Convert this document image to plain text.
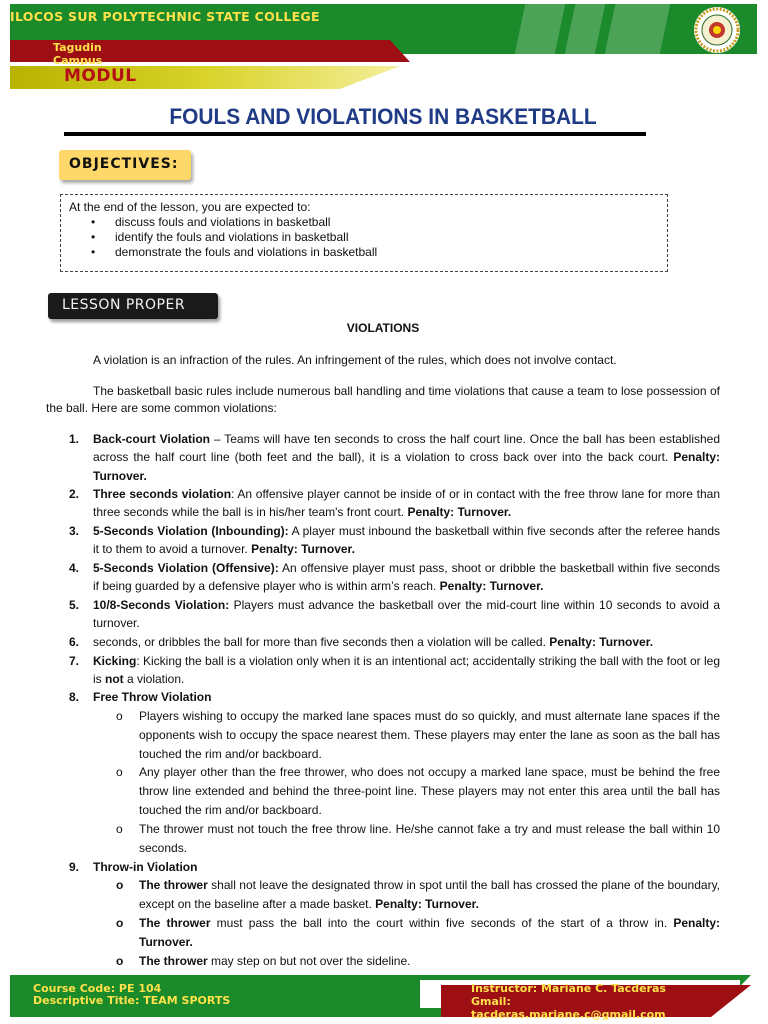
ILOCOS SUR POLYTECHNIC STATE COLLEGE
Tagudin Campus
MODUL
FOULS AND VIOLATIONS IN BASKETBALL
OBJECTIVES:
At the end of the lesson, you are expected to:
• discuss fouls and violations in basketball
• identify the fouls and violations in basketball
• demonstrate the fouls and violations in basketball
LESSON PROPER
VIOLATIONS
A violation is an infraction of the rules. An infringement of the rules, which does not involve contact.
The basketball basic rules include numerous ball handling and time violations that cause a team to lose possession of the ball. Here are some common violations:
1. Back-court Violation – Teams will have ten seconds to cross the half court line. Once the ball has been established across the half court line (both feet and the ball), it is a violation to cross back over into the back court. Penalty: Turnover.
2. Three seconds violation: An offensive player cannot be inside of or in contact with the free throw lane for more than three seconds while the ball is in his/her team's front court. Penalty: Turnover.
3. 5-Seconds Violation (Inbounding): A player must inbound the basketball within five seconds after the referee hands it to them to avoid a turnover. Penalty: Turnover.
4. 5-Seconds Violation (Offensive): An offensive player must pass, shoot or dribble the basketball within five seconds if being guarded by a defensive player who is within arm’s reach. Penalty: Turnover.
5. 10/8-Seconds Violation: Players must advance the basketball over the mid-court line within 10 seconds to avoid a turnover.
6. seconds, or dribbles the ball for more than five seconds then a violation will be called. Penalty: Turnover.
7. Kicking: Kicking the ball is a violation only when it is an intentional act; accidentally striking the ball with the foot or leg is not a violation.
8. Free Throw Violation
o Players wishing to occupy the marked lane spaces must do so quickly, and must alternate lane spaces if the opponents wish to occupy the space nearest them. These players may enter the lane as soon as the ball has touched the rim and/or backboard.
o Any player other than the free thrower, who does not occupy a marked lane space, must be behind the free throw line extended and behind the three-point line. These players may not enter this area until the ball has touched the rim and/or backboard.
o The thrower must not touch the free throw line. He/she cannot fake a try and must release the ball within 10 seconds.
9. Throw-in Violation
o The thrower shall not leave the designated throw in spot until the ball has crossed the plane of the boundary, except on the baseline after a made basket. Penalty: Turnover.
o The thrower must pass the ball into the court within five seconds of the start of a throw in. Penalty: Turnover.
o The thrower may step on but not over the sideline.
Course Code: PE 104
Descriptive Title: TEAM SPORTS
Instructor: Mariane C. Tacderas
Gmail:
tacderas.mariane.c@gmail.com
